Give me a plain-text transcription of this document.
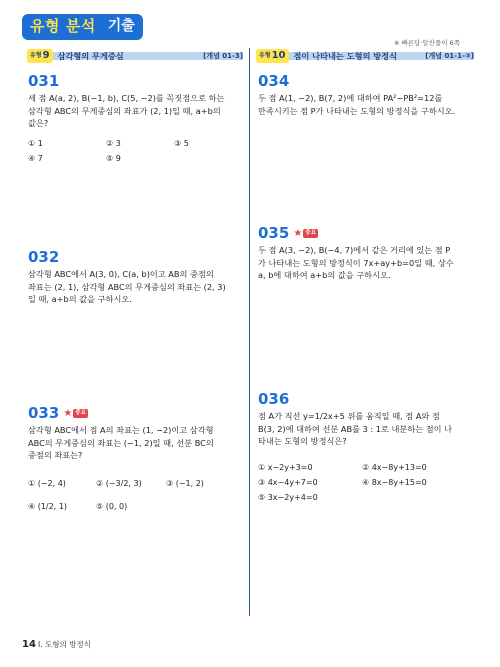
유형 분석 기출
※ 빠른답·알찬풀이 6쪽
유형 9 삼각형의 무게중심	[개념 01-3]	유형 10 점이 나타내는 도형의 방정식	[개념 01-1-③]
031
세 점 A(a, 2), B(−1, b), C(5, −2)를 꼭짓점으로 하는
삼각형 ABC의 무게중심의 좌표가 (2, 1)일 때, a+b의
값은?
① 1	② 3	③ 5
④ 7	⑤ 9
032
삼각형 ABC에서 A(3, 0), C(a, b)이고 AB의 중점의
좌표는 (2, 1), 삼각형 ABC의 무게중심의 좌표는 (2, 3)
일 때, a+b의 값을 구하시오.
033 ★ 중요
삼각형 ABC에서 점 A의 좌표는 (1, −2)이고 삼각형
ABC의 무게중심의 좌표는 (−1, 2)일 때, 선분 BC의
중점의 좌표는?
① (−2, 4)	② (−3/2, 3)	③ (−1, 2)
④ (1/2, 1)	⑤ (0, 0)
034
두 점 A(1, −2), B(7, 2)에 대하여 PA²−PB²=12를
만족시키는 점 P가 나타내는 도형의 방정식을 구하시오.
035 ★ 중요
두 점 A(3, −2), B(−4, 7)에서 같은 거리에 있는 점 P
가 나타내는 도형의 방정식이 7x+ay+b=0일 때, 상수
a, b에 대하여 a+b의 값을 구하시오.
036
점 A가 직선 y=1/2x+5 위를 움직일 때, 점 A와 점
B(3, 2)에 대하여 선분 AB를 3 : 1로 내분하는 점이 나
타내는 도형의 방정식은?
① x−2y+3=0	② 4x−8y+13=0
③ 4x−4y+7=0	④ 8x−8y+15=0
⑤ 3x−2y+4=0
14 Ⅰ. 도형의 방정식
